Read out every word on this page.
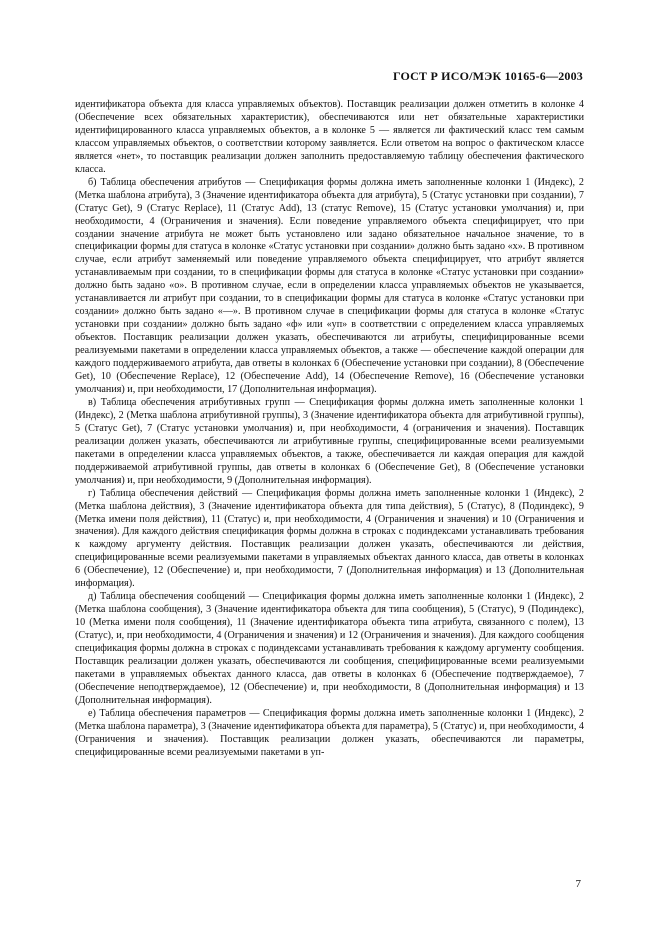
ГОСТ Р ИСО/МЭК 10165-6—2003

идентификатора объекта для класса управляемых объектов). Поставщик реализации должен отметить в колонке 4 (Обеспечение всех обязательных характеристик), обеспечиваются или нет обязательные характеристики идентифицированного класса управляемых объектов, а в колонке 5 — является ли фактический класс тем самым классом управляемых объектов, о соответствии которому заявляется. Если ответом на вопрос о фактическом классе является «нет», то поставщик реализации должен заполнить предоставляемую таблицу обеспечения фактического класса.

б) Таблица обеспечения атрибутов — Спецификация формы должна иметь заполненные колонки 1 (Индекс), 2 (Метка шаблона атрибута), 3 (Значение идентификатора объекта для атрибута), 5 (Статус установки при создании), 7 (Статус Get), 9 (Статус Replace), 11 (Статус Add), 13 (статус Remove), 15 (Статус установки умолчания) и, при необходимости, 4 (Ограничения и значения). Если поведение управляемого объекта специфицирует, что при создании значение атрибута не может быть установлено или задано обязательное начальное значение, то в спецификации формы для статуса в колонке «Статус установки при создании» должно быть задано «x». В противном случае, если атрибут заменяемый или поведение управляемого объекта специфицирует, что атрибут является устанавливаемым при создании, то в спецификации формы для статуса в колонке «Статус установки при создании» должно быть задано «o». В противном случае, если в определении класса управляемых объектов не указывается, устанавливается ли атрибут при создании, то в спецификации формы для статуса в колонке «Статус установки при создании» должно быть задано «—». В противном случае в спецификации формы для статуса в колонке «Статус установки при создании» должно быть задано «ф» или «уп» в соответствии с определением класса управляемых объектов. Поставщик реализации должен указать, обеспечиваются ли атрибуты, специфицированные всеми реализуемыми пакетами в определении класса управляемых объектов, а также — обеспечение каждой операции для каждого поддерживаемого атрибута, дав ответы в колонках 6 (Обеспечение установки при создании), 8 (Обеспечение Get), 10 (Обеспечение Replace), 12 (Обеспечение Add), 14 (Обеспечение Remove), 16 (Обеспечение установки умолчания) и, при необходимости, 17 (Дополнительная информация).

в) Таблица обеспечения атрибутивных групп — Спецификация формы должна иметь заполненные колонки 1 (Индекс), 2 (Метка шаблона атрибутивной группы), 3 (Значение идентификатора объекта для атрибутивной группы), 5 (Статус Get), 7 (Статус установки умолчания) и, при необходимости, 4 (ограничения и значения). Поставщик реализации должен указать, обеспечиваются ли атрибутивные группы, специфицированные всеми реализуемыми пакетами в определении класса управляемых объектов, а также, обеспечивается ли каждая операция для каждой поддерживаемой атрибутивной группы, дав ответы в колонках 6 (Обеспечение Get), 8 (Обеспечение установки умолчания) и, при необходимости, 9 (Дополнительная информация).

г) Таблица обеспечения действий — Спецификация формы должна иметь заполненные колонки 1 (Индекс), 2 (Метка шаблона действия), 3 (Значение идентификатора объекта для типа действия), 5 (Статус), 8 (Подиндекс), 9 (Метка имени поля действия), 11 (Статус) и, при необходимости, 4 (Ограничения и значения) и 10 (Ограничения и значения). Для каждого действия спецификация формы должна в строках с подиндексами устанавливать требования к каждому аргументу действия. Поставщик реализации должен указать, обеспечиваются ли действия, специфицированные всеми реализуемыми пакетами в управляемых объектах данного класса, дав ответы в колонках 6 (Обеспечение), 12 (Обеспечение) и, при необходимости, 7 (Дополнительная информация) и 13 (Дополнительная информация).

д) Таблица обеспечения сообщений — Спецификация формы должна иметь заполненные колонки 1 (Индекс), 2 (Метка шаблона сообщения), 3 (Значение идентификатора объекта для типа сообщения), 5 (Статус), 9 (Подиндекс), 10 (Метка имени поля сообщения), 11 (Значение идентификатора объекта типа атрибута, связанного с полем), 13 (Статус), и, при необходимости, 4 (Ограничения и значения) и 12 (Ограничения и значения). Для каждого сообщения спецификация формы должна в строках с подиндексами устанавливать требования к каждому аргументу сообщения. Поставщик реализации должен указать, обеспечиваются ли сообщения, специфицированные всеми реализуемыми пакетами в управляемых объектах данного класса, дав ответы в колонках 6 (Обеспечение подтверждаемое), 7 (Обеспечение неподтверждаемое), 12 (Обеспечение) и, при необходимости, 8 (Дополнительная информация) и 13 (Дополнительная информация).

е) Таблица обеспечения параметров — Спецификация формы должна иметь заполненные колонки 1 (Индекс), 2 (Метка шаблона параметра), 3 (Значение идентификатора объекта для параметра), 5 (Статус) и, при необходимости, 4 (Ограничения и значения). Поставщик реализации должен указать, обеспечиваются ли параметры, специфицированные всеми реализуемыми пакетами в уп-

7
